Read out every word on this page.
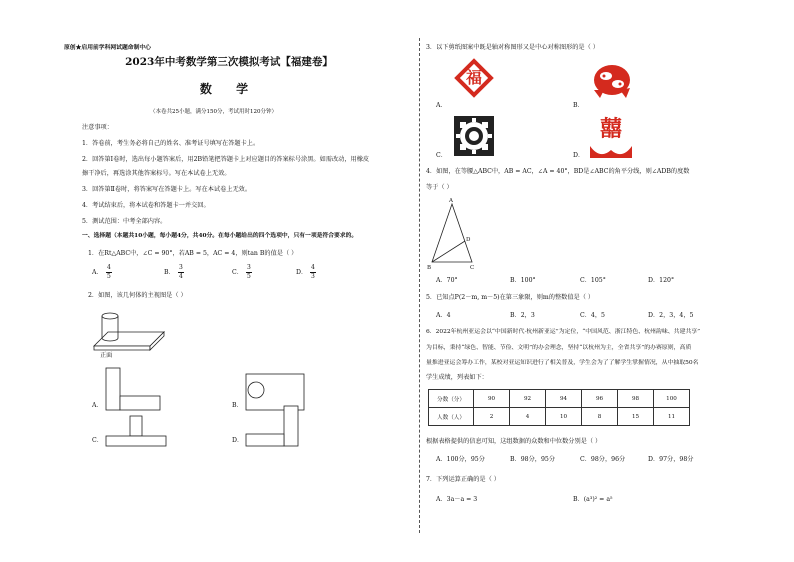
原创★启用前学科网试题命制中心
2023年中考数学第三次模拟考试【福建卷】
数 学
（本卷共25小题，满分150分，考试用时120分钟）
注意事项：
1．答卷前，考生务必将自己的姓名、准考证号填写在答题卡上。
2．回答第Ⅰ卷时，选出每小题答案后，用2B铅笔把答题卡上对应题目的答案标号涂黑。如需改动，用橡皮
擦干净后，再选涂其他答案标号。写在本试卷上无效。
3．回答第Ⅱ卷时，将答案写在答题卡上。写在本试卷上无效。
4．考试结束后，将本试卷和答题卡一并交回。
5．测试范围：中考全部内容。
一、选择题（本题共10小题，每小题4分，共40分。在每小题给出的四个选项中，只有一项是符合要求的。
1．在Rt△ABC中，∠C = 90°，若AB = 5，AC = 4，则tan B的值是（ ）
A．
4
5
B．
3
4
C．
3
5
D．
4
3
2．如图，该几何体的主视图是（ ）
正面
A．	B．
C．	D．
3．以下剪纸图案中既是轴对称图形又是中心对称图形的是（ ）
A．
福
B．
C．	D．
囍
4．如图，在等腰△ABC中，AB = AC，∠A = 40°，BD是∠ABC的角平分线，则∠ADB的度数
等于（ ）
A
B	C
D
A．70°	B．100°	C．105°	D．120°
5．已知点P(2－m, m－5)在第三象限，则m的整数值是（ ）
A．4	B．2，3	C．4，5	D．2，3，4，5
6．2022年杭州亚运会以“中国新时代·杭州新亚运”为定位，“中国风范、浙江特色、杭州韵味、共建共享”
为目标，秉持“绿色、智能、节俭、文明”的办会理念，坚持“以杭州为主，全省共享”的办赛原则，高质
量推进亚运会筹办工作，某校对亚运知识进行了相关普及，学生会为了了解学生掌握情况，从中抽取50名
学生成绩，列表如下：
分数（分）	90	92	94	96	98	100
人数（人）	2	4	10	8	15	11
根据表格提供的信息可知，这组数据的众数和中位数分别是（ ）
A．100分，95分	B．98分，95分	C．98分，96分	D．97分，98分
7．下列运算正确的是（ ）
A．3a－a = 3	B．(a³)² = a⁵
